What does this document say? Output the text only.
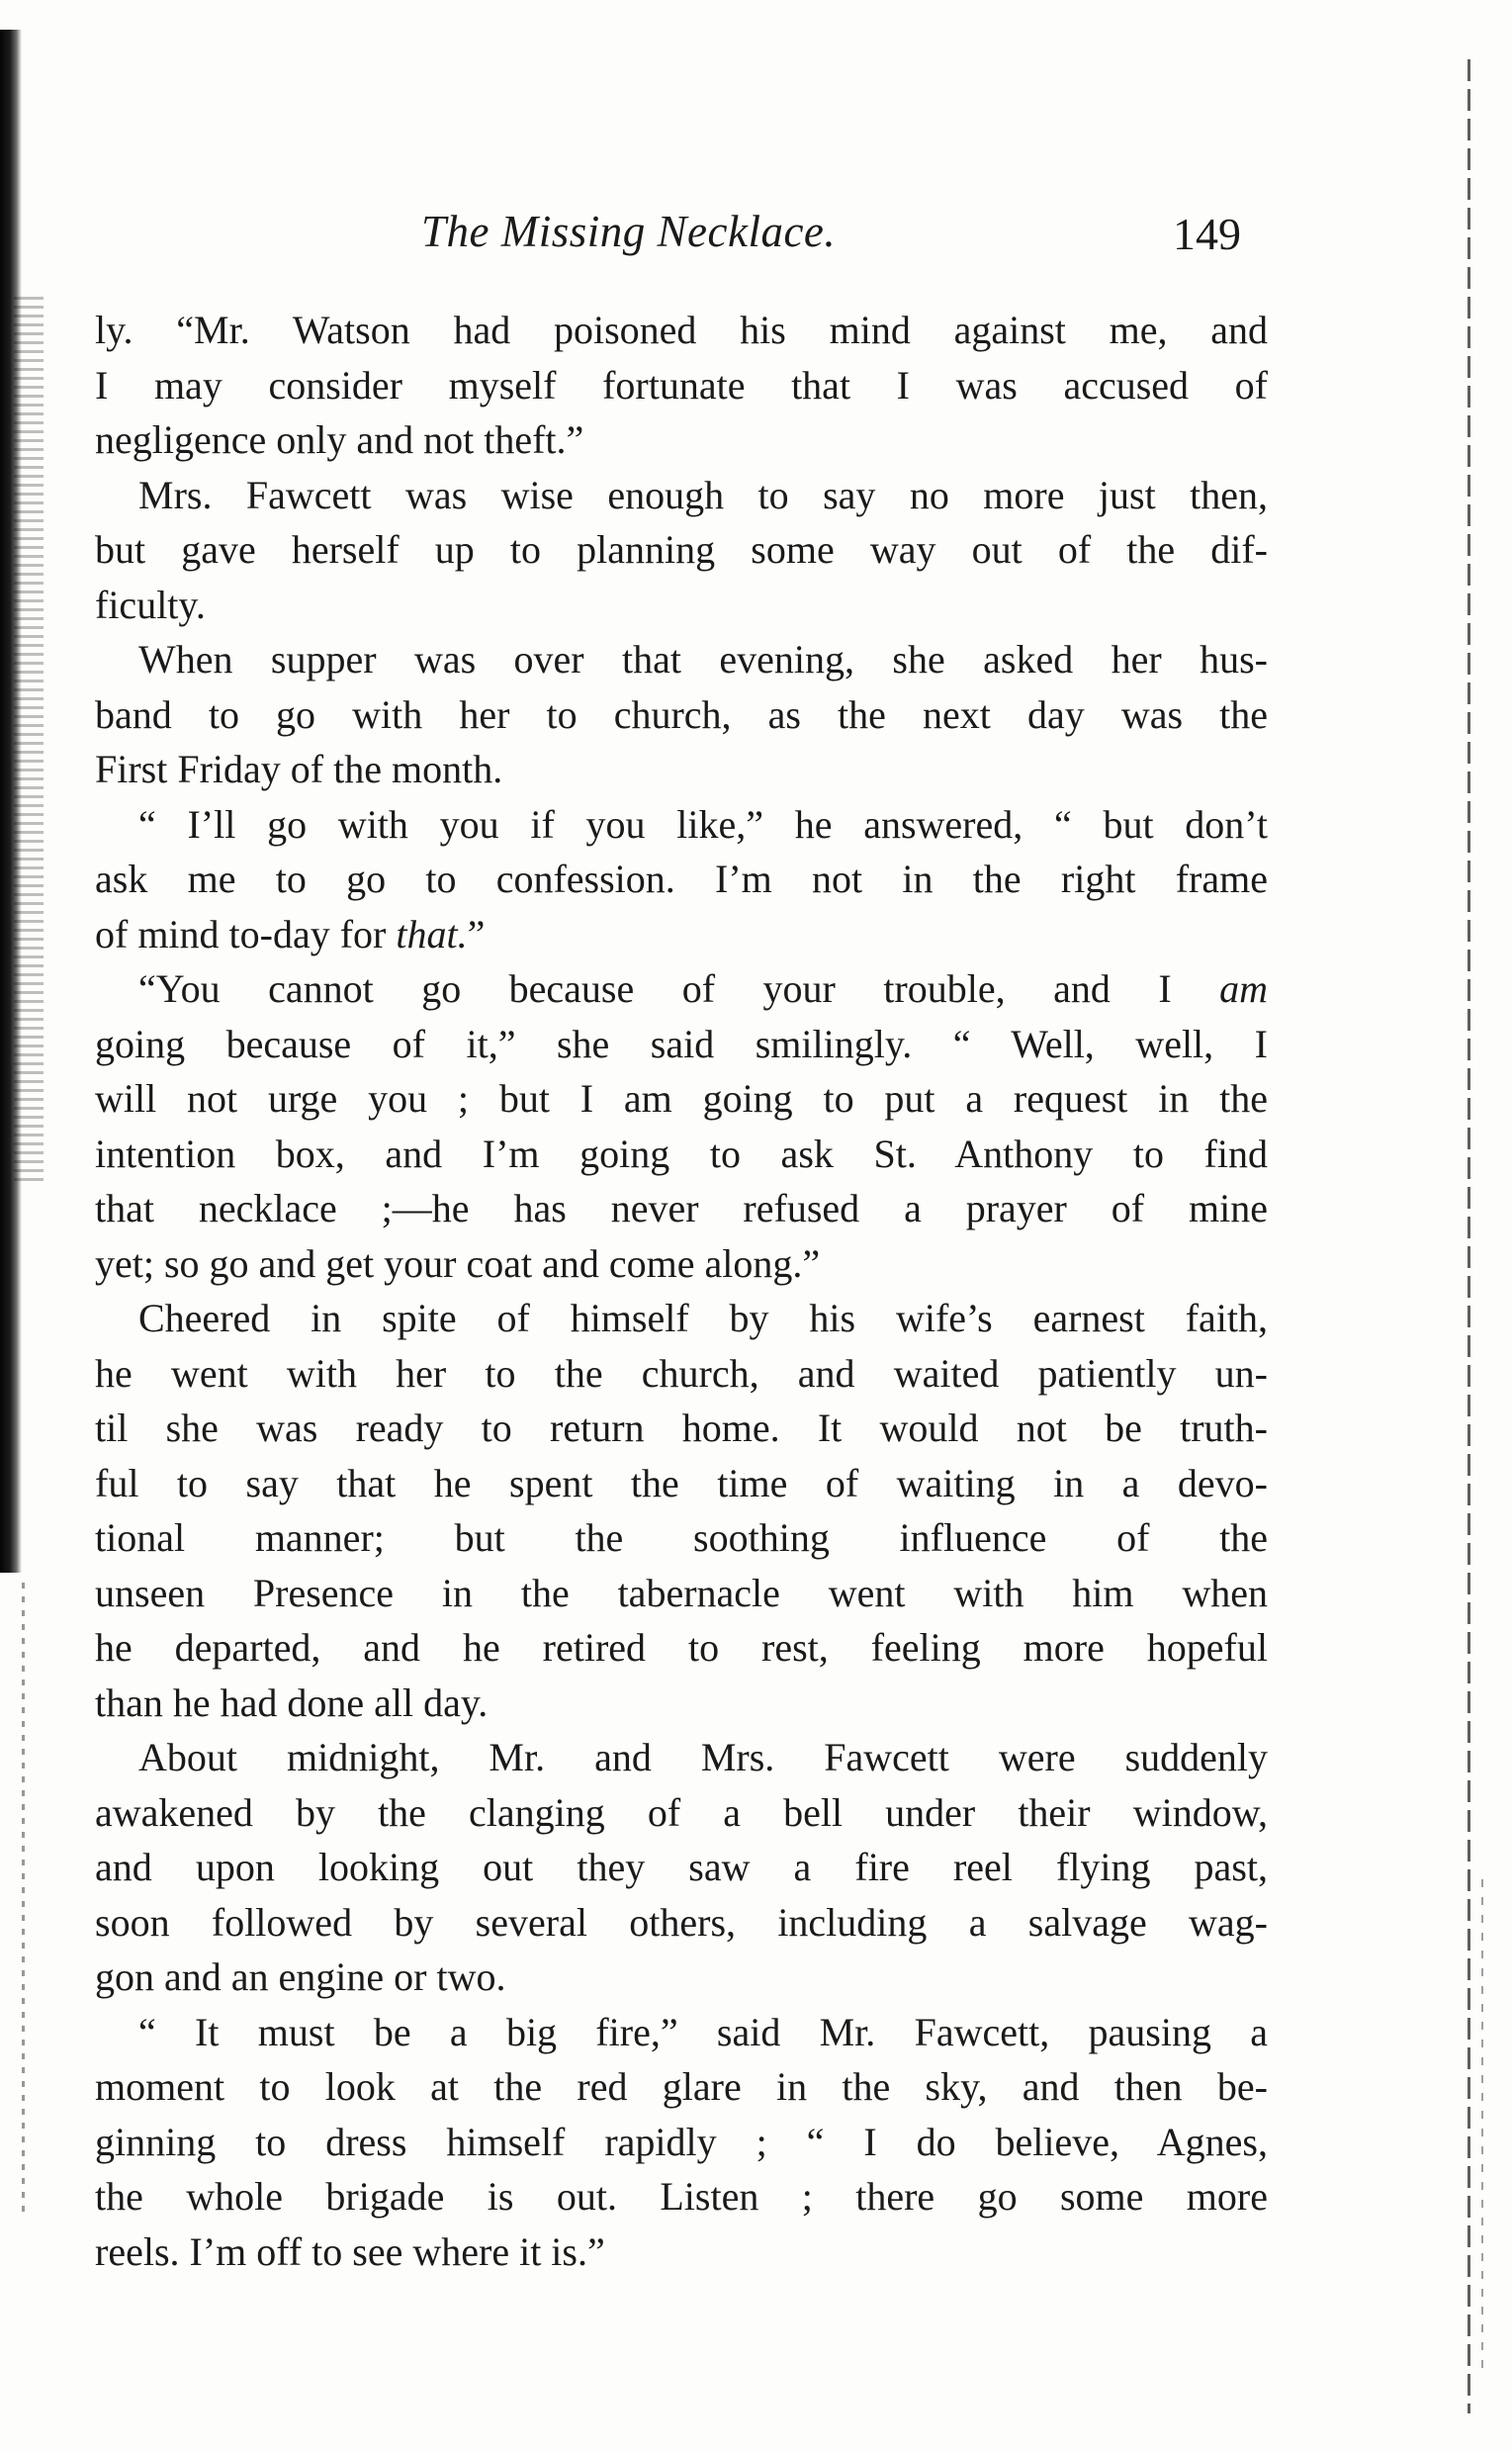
The Missing Necklace.	149
ly. “Mr. Watson had poisoned his mind against me, and
I may consider myself fortunate that I was accused of
negligence only and not theft.”
Mrs. Fawcett was wise enough to say no more just then,
but gave herself up to planning some way out of the dif-
ficulty.
When supper was over that evening, she asked her hus-
band to go with her to church, as the next day was the
First Friday of the month.
“ I’ll go with you if you like,” he answered, “ but don’t
ask me to go to confession. I’m not in the right frame
of mind to-day for that.”
“You cannot go because of your trouble, and I am
going because of it,” she said smilingly. “ Well, well, I
will not urge you ; but I am going to put a request in the
intention box, and I’m going to ask St. Anthony to find
that necklace ;—he has never refused a prayer of mine
yet; so go and get your coat and come along.”
Cheered in spite of himself by his wife’s earnest faith,
he went with her to the church, and waited patiently un-
til she was ready to return home. It would not be truth-
ful to say that he spent the time of waiting in a devo-
tional manner; but the soothing influence of the
unseen Presence in the tabernacle went with him when
he departed, and he retired to rest, feeling more hopeful
than he had done all day.
About midnight, Mr. and Mrs. Fawcett were suddenly
awakened by the clanging of a bell under their window,
and upon looking out they saw a fire reel flying past,
soon followed by several others, including a salvage wag-
gon and an engine or two.
“ It must be a big fire,” said Mr. Fawcett, pausing a
moment to look at the red glare in the sky, and then be-
ginning to dress himself rapidly ; “ I do believe, Agnes,
the whole brigade is out. Listen ; there go some more
reels. I’m off to see where it is.”
